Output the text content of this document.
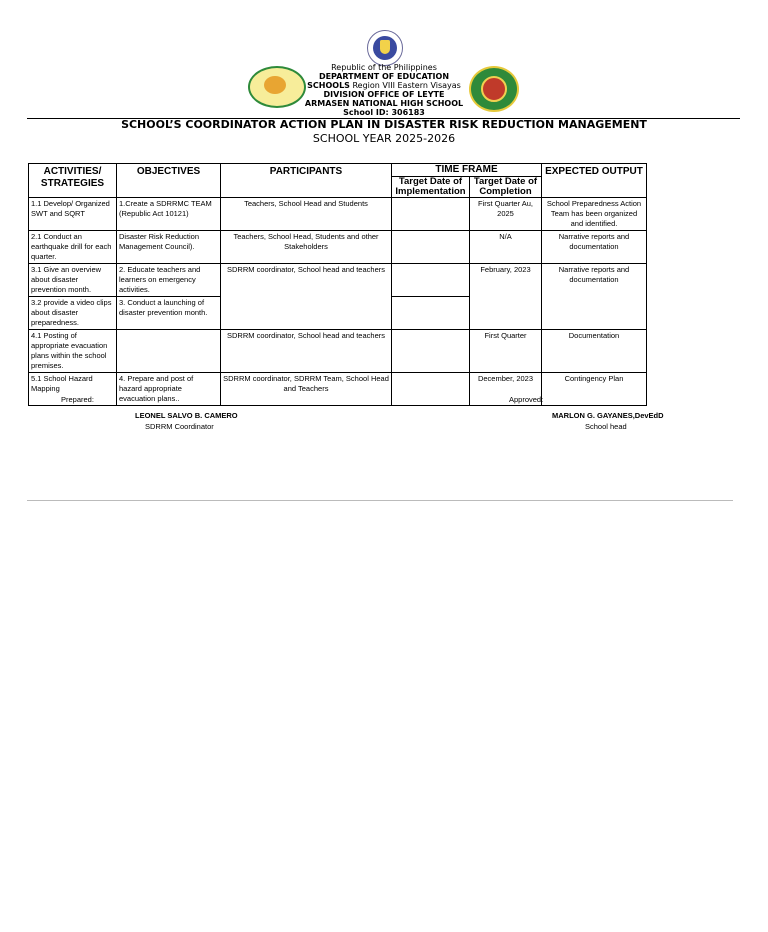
Republic of the Philippines
DEPARTMENT OF EDUCATION
SCHOOLS Region VIII Eastern Visayas
DIVISION OFFICE OF LEYTE
ARMASEN NATIONAL HIGH SCHOOL
School ID: 306183
SCHOOL’S COORDINATOR ACTION PLAN IN DISASTER RISK REDUCTION MANAGEMENT
SCHOOL YEAR 2025-2026
ACTIVITIES/ STRATEGIES	OBJECTIVES	PARTICIPANTS	TIME FRAME		EXPECTED OUTPUT
			Target Date of Implementation	Target Date of Completion	
1.1 Develop/ Organized SWT and SQRT	1.Create a SDRRMC TEAM (Republic Act 10121)	Teachers, School Head and Students		First Quarter Au, 2025	School Preparedness Action Team has been organized and identified.
2.1 Conduct an earthquake drill for each quarter.	Disaster Risk Reduction Management Council).	Teachers, School Head, Students and other Stakeholders		N/A	Narrative reports and documentation
3.1 Give an overview about disaster prevention month.	2. Educate teachers and learners on emergency activities.	SDRRM coordinator, School head and teachers		February, 2023	Narrative reports and documentation
3.2 provide a video clips about disaster preparedness.	3. Conduct a launching of disaster prevention month.				
4.1 Posting of appropriate evacuation plans within the school premises.		SDRRM coordinator, School head and teachers		First Quarter	Documentation
5.1 School Hazard Mapping	4. Prepare and post of hazard appropriate evacuation plans..	SDRRM coordinator, SDRRM Team, School Head and Teachers		December, 2023	Contingency Plan
Prepared:
LEONEL SALVO B. CAMERO
SDRRM Coordinator
Approved:
MARLON G. GAYANES,DevEdD
School head
